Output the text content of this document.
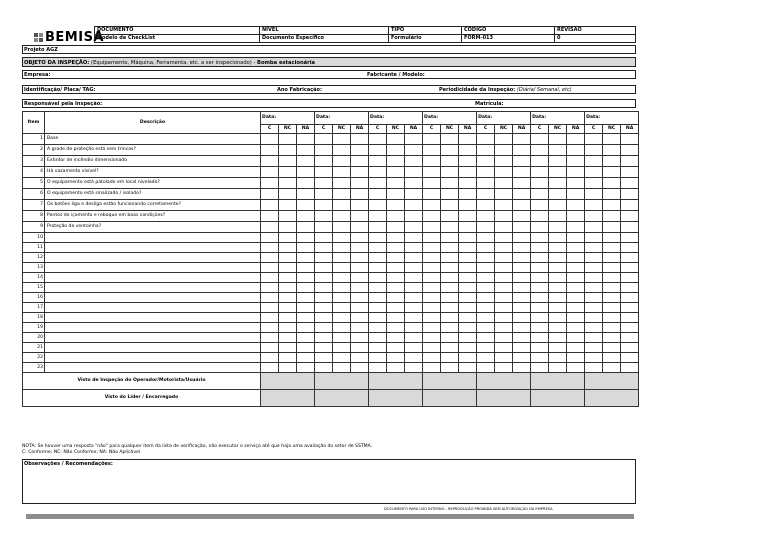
BEMISA
DOCUMENTO	NÍVEL	TIPO	CÓDIGO	REVISÃO
Modelo de CheckList	Documento Específico	Formulário	FORM-013	0
Projeto AGZ
OBJETO DA INSPEÇÃO: (Equipamento, Máquina, Ferramenta, etc. a ser inspecionado) - Bomba estacionária
Empresa:	Fabricante / Modelo:
Identificação/ Placa/ TAG:	Ano Fabricação:	Periodicidade da Inspeção: (Diária/ Semanal, etc)
Responsável pela Inspeção:	Matrícula:
Item	Descrição	Data:			Data:			Data:			Data:			Data:			Data:			Data:		
		C	NC	NA	C	NC	NA	C	NC	NA	C	NC	NA	C	NC	NA	C	NC	NA	C	NC	NA
1	Base																					
2	A grade de proteção está sem trincas?																					
3	Extintor de incêndio dimensionado																					
4	Há vazamento visível?																					
5	O equipamento está patolado em local nivelado?																					
6	O equipamento está sinalizado / isolado?																					
7	Os botões liga e desliga estão funcionando corretamente?																					
8	Pontos de içamento e reboque em boas condições?																					
9	Proteção da ventoinha?																					
10																						
11																						
12																						
13																						
14																						
15																						
16																						
17																						
18																						
19																						
20																						
21																						
22																						
23																						
Visto de Inspeção do Operador/Motorista/Usuário																						
Visto do Líder / Encarregado																						
NOTA: Se houver uma resposta "não" para qualquer item da lista de verificação, não executar o serviço até que haja uma avaliação do setor de SSTMA.
C: Conforme; NC: Não Conforme; NA: Não Aplicável
Observações / Recomendações:
DOCUMENTO PARA USO INTERNO - REPRODUÇÃO PROIBIDA SEM AUTORIZAÇÃO DA EMPRESA
